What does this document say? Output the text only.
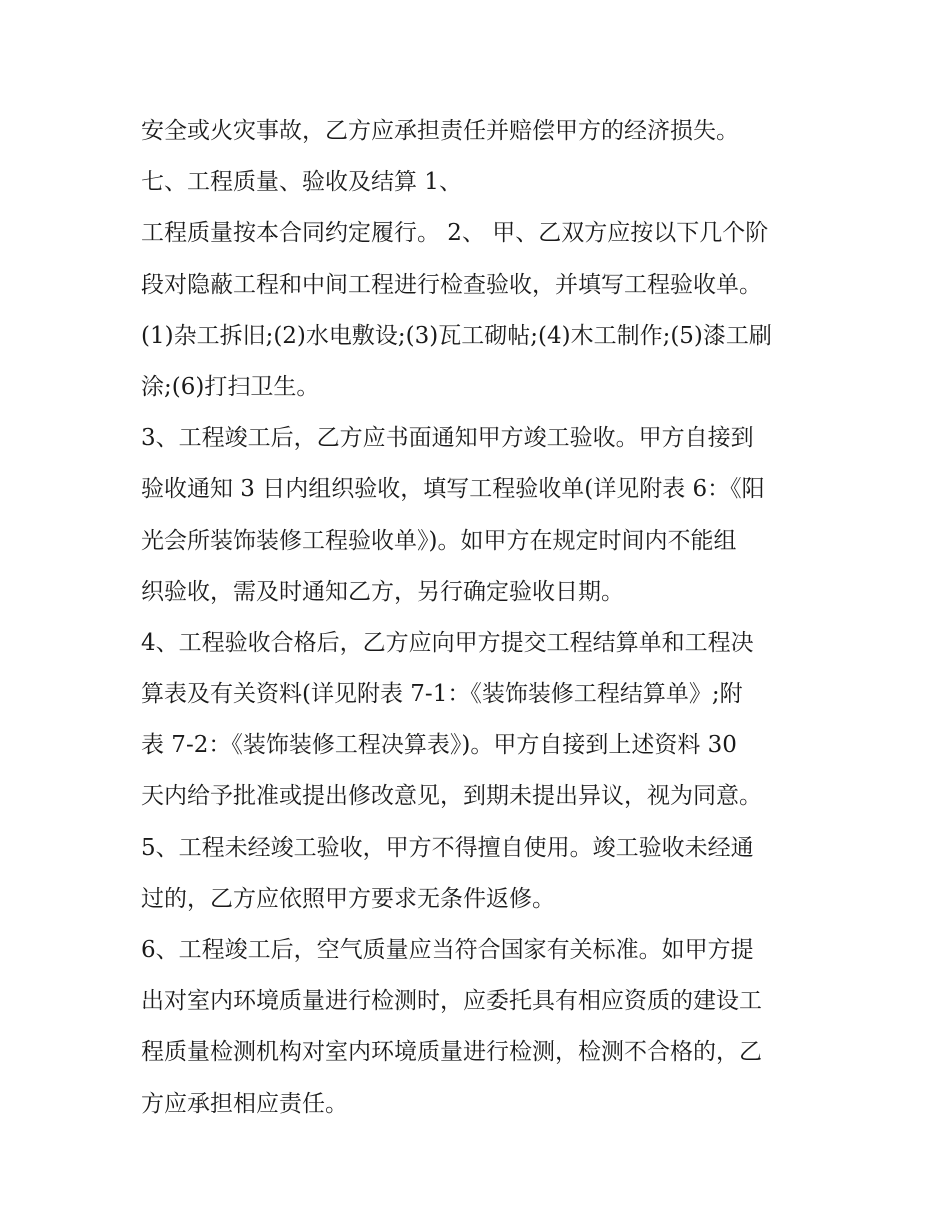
安全或火灾事故，乙方应承担责任并赔偿甲方的经济损失。
七、工程质量、验收及结算 1、
工程质量按本合同约定履行。 2、 甲、乙双方应按以下几个阶
段对隐蔽工程和中间工程进行检查验收，并填写工程验收单。
(1)杂工拆旧;(2)水电敷设;(3)瓦工砌帖;(4)木工制作;(5)漆工刷
涂;(6)打扫卫生。
3、工程竣工后，乙方应书面通知甲方竣工验收。甲方自接到
验收通知 3 日内组织验收，填写工程验收单(详见附表 6：《阳
光会所装饰装修工程验收单》)。如甲方在规定时间内不能组
织验收，需及时通知乙方，另行确定验收日期。
4、工程验收合格后，乙方应向甲方提交工程结算单和工程决
算表及有关资料(详见附表 7-1：《装饰装修工程结算单》;附
表 7-2：《装饰装修工程决算表》)。甲方自接到上述资料 30
天内给予批准或提出修改意见，到期未提出异议，视为同意。
5、工程未经竣工验收，甲方不得擅自使用。竣工验收未经通
过的，乙方应依照甲方要求无条件返修。
6、工程竣工后，空气质量应当符合国家有关标准。如甲方提
出对室内环境质量进行检测时，应委托具有相应资质的建设工
程质量检测机构对室内环境质量进行检测，检测不合格的，乙
方应承担相应责任。
